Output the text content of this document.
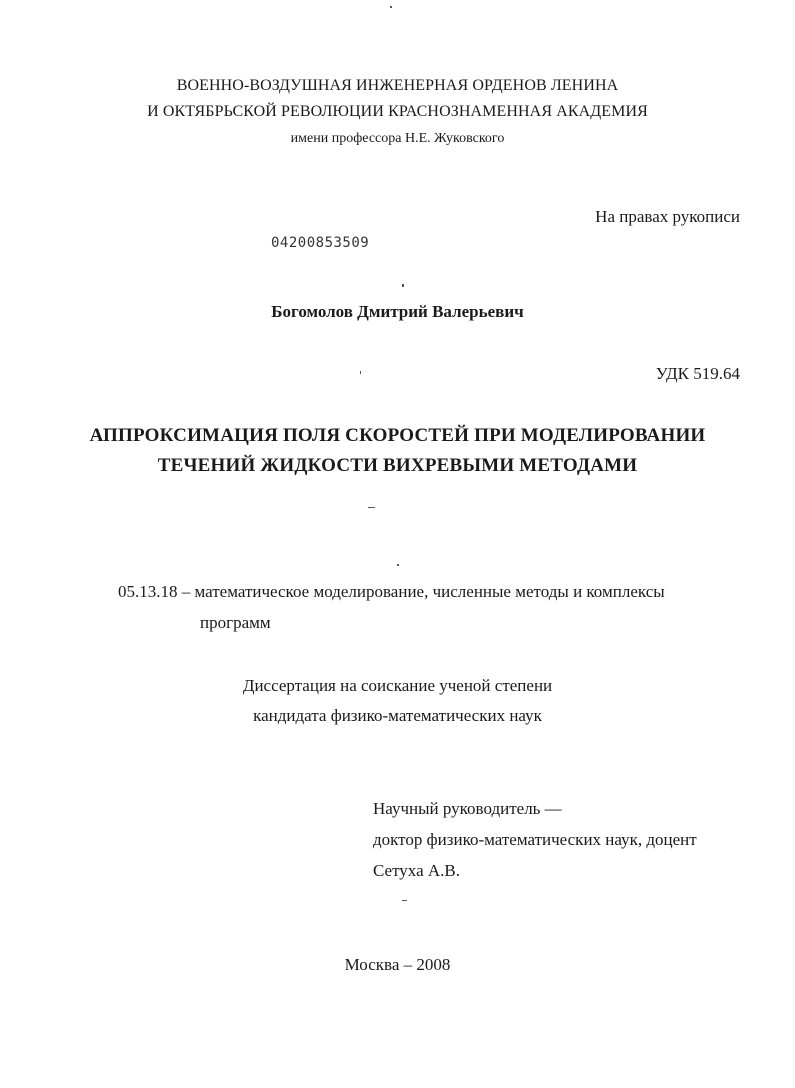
ВОЕННО-ВОЗДУШНАЯ ИНЖЕНЕРНАЯ ОРДЕНОВ ЛЕНИНА

И ОКТЯБРЬСКОЙ РЕВОЛЮЦИИ КРАСНОЗНАМЕННАЯ АКАДЕМИЯ

имени профессора Н.Е. Жуковского

На правах рукописи

04200853509

Богомолов Дмитрий Валерьевич

УДК 519.64

АППРОКСИМАЦИЯ ПОЛЯ СКОРОСТЕЙ ПРИ МОДЕЛИРОВАНИИ

ТЕЧЕНИЙ ЖИДКОСТИ ВИХРЕВЫМИ МЕТОДАМИ

05.13.18 – математическое моделирование, численные методы и комплексы

программ

Диссертация на соискание ученой степени

кандидата физико-математических наук

Научный руководитель —

доктор физико-математических наук, доцент

Сетуха А.В.

Москва – 2008
